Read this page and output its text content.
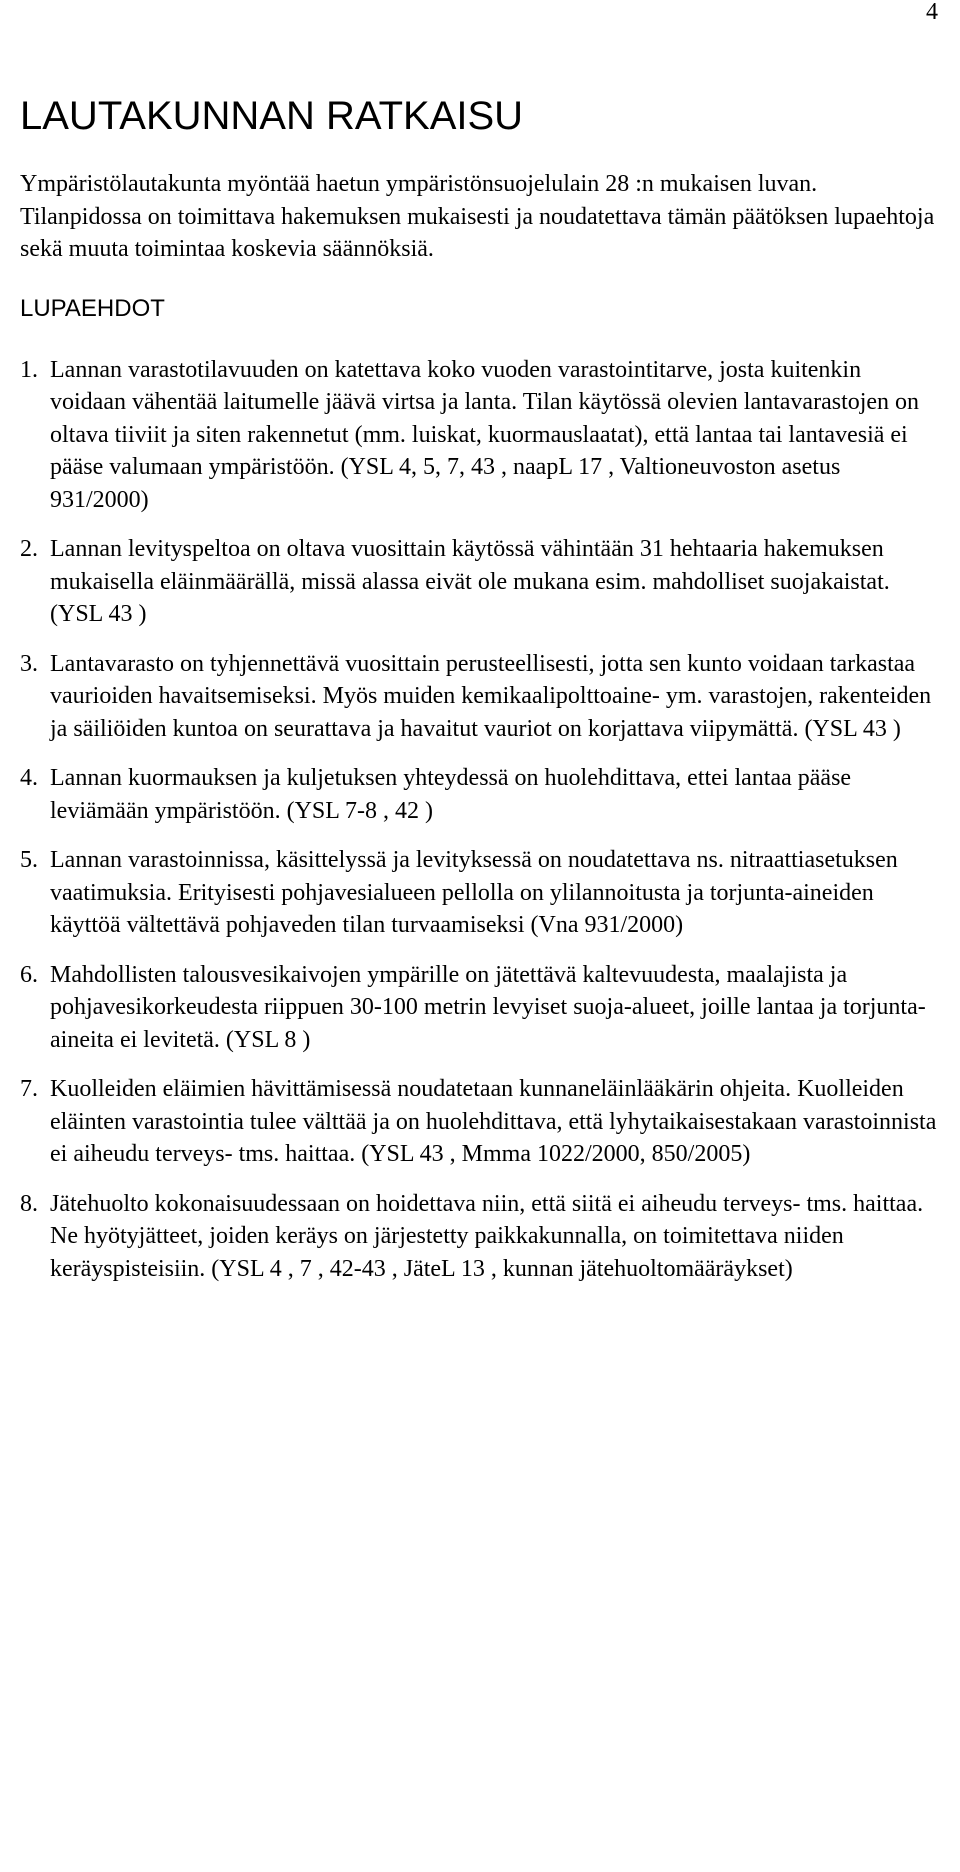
4
LAUTAKUNNAN RATKAISU

Ympäristölautakunta myöntää haetun ympäristönsuojelulain 28 :n mukaisen luvan. Tilanpidossa on toimittava hakemuksen mukaisesti ja noudatettava tämän päätöksen lupaehtoja sekä muuta toimintaa koskevia säännöksiä.

LUPAEHDOT
1. Lannan varastotilavuuden on katettava koko vuoden varastointitarve, josta kuitenkin voidaan vähentää laitumelle jäävä virtsa ja lanta. Tilan käytössä olevien lantavarastojen on oltava tiiviit ja siten rakennetut (mm. luiskat, kuormauslaatat), että lantaa tai lantavesiä ei pääse valumaan ympäristöön. (YSL 4, 5, 7, 43 , naapL 17 , Valtioneuvoston asetus 931/2000)
2. Lannan levityspeltoa on oltava vuosittain käytössä vähintään 31 hehtaaria hakemuksen mukaisella eläinmäärällä, missä alassa eivät ole mukana esim. mahdolliset suojakaistat. (YSL 43 )
3. Lantavarasto on tyhjennettävä vuosittain perusteellisesti, jotta sen kunto voidaan tarkastaa vaurioiden havaitsemiseksi. Myös muiden kemikaalipolttoaine- ym. varastojen, rakenteiden ja säiliöiden kuntoa on seurattava ja havaitut vauriot on korjattava viipymättä. (YSL 43 )
4. Lannan kuormauksen ja kuljetuksen yhteydessä on huolehdittava, ettei lantaa pääse leviämään ympäristöön. (YSL 7-8 , 42 )
5. Lannan varastoinnissa, käsittelyssä ja levityksessä on noudatettava ns. nitraattiasetuksen vaatimuksia. Erityisesti pohjavesialueen pellolla on ylilannoitusta ja torjunta-aineiden käyttöä vältettävä pohjaveden tilan turvaamiseksi (Vna 931/2000)
6. Mahdollisten talousvesikaivojen ympärille on jätettävä kaltevuudesta, maalajista ja pohjavesikorkeudesta riippuen 30-100 metrin levyiset suoja-alueet, joille lantaa ja torjunta-aineita ei levitetä. (YSL 8 )
7. Kuolleiden eläimien hävittämisessä noudatetaan kunnaneläinlääkärin ohjeita. Kuolleiden eläinten varastointia tulee välttää ja on huolehdittava, että lyhytaikaisestakaan varastoinnista ei aiheudu terveys- tms. haittaa. (YSL 43 , Mmma 1022/2000, 850/2005)
8. Jätehuolto kokonaisuudessaan on hoidettava niin, että siitä ei aiheudu terveys- tms. haittaa. Ne hyötyjätteet, joiden keräys on järjestetty paikkakunnalla, on toimitettava niiden keräyspisteisiin. (YSL 4 , 7 , 42-43 , JäteL 13 , kunnan jätehuoltomääräykset)
